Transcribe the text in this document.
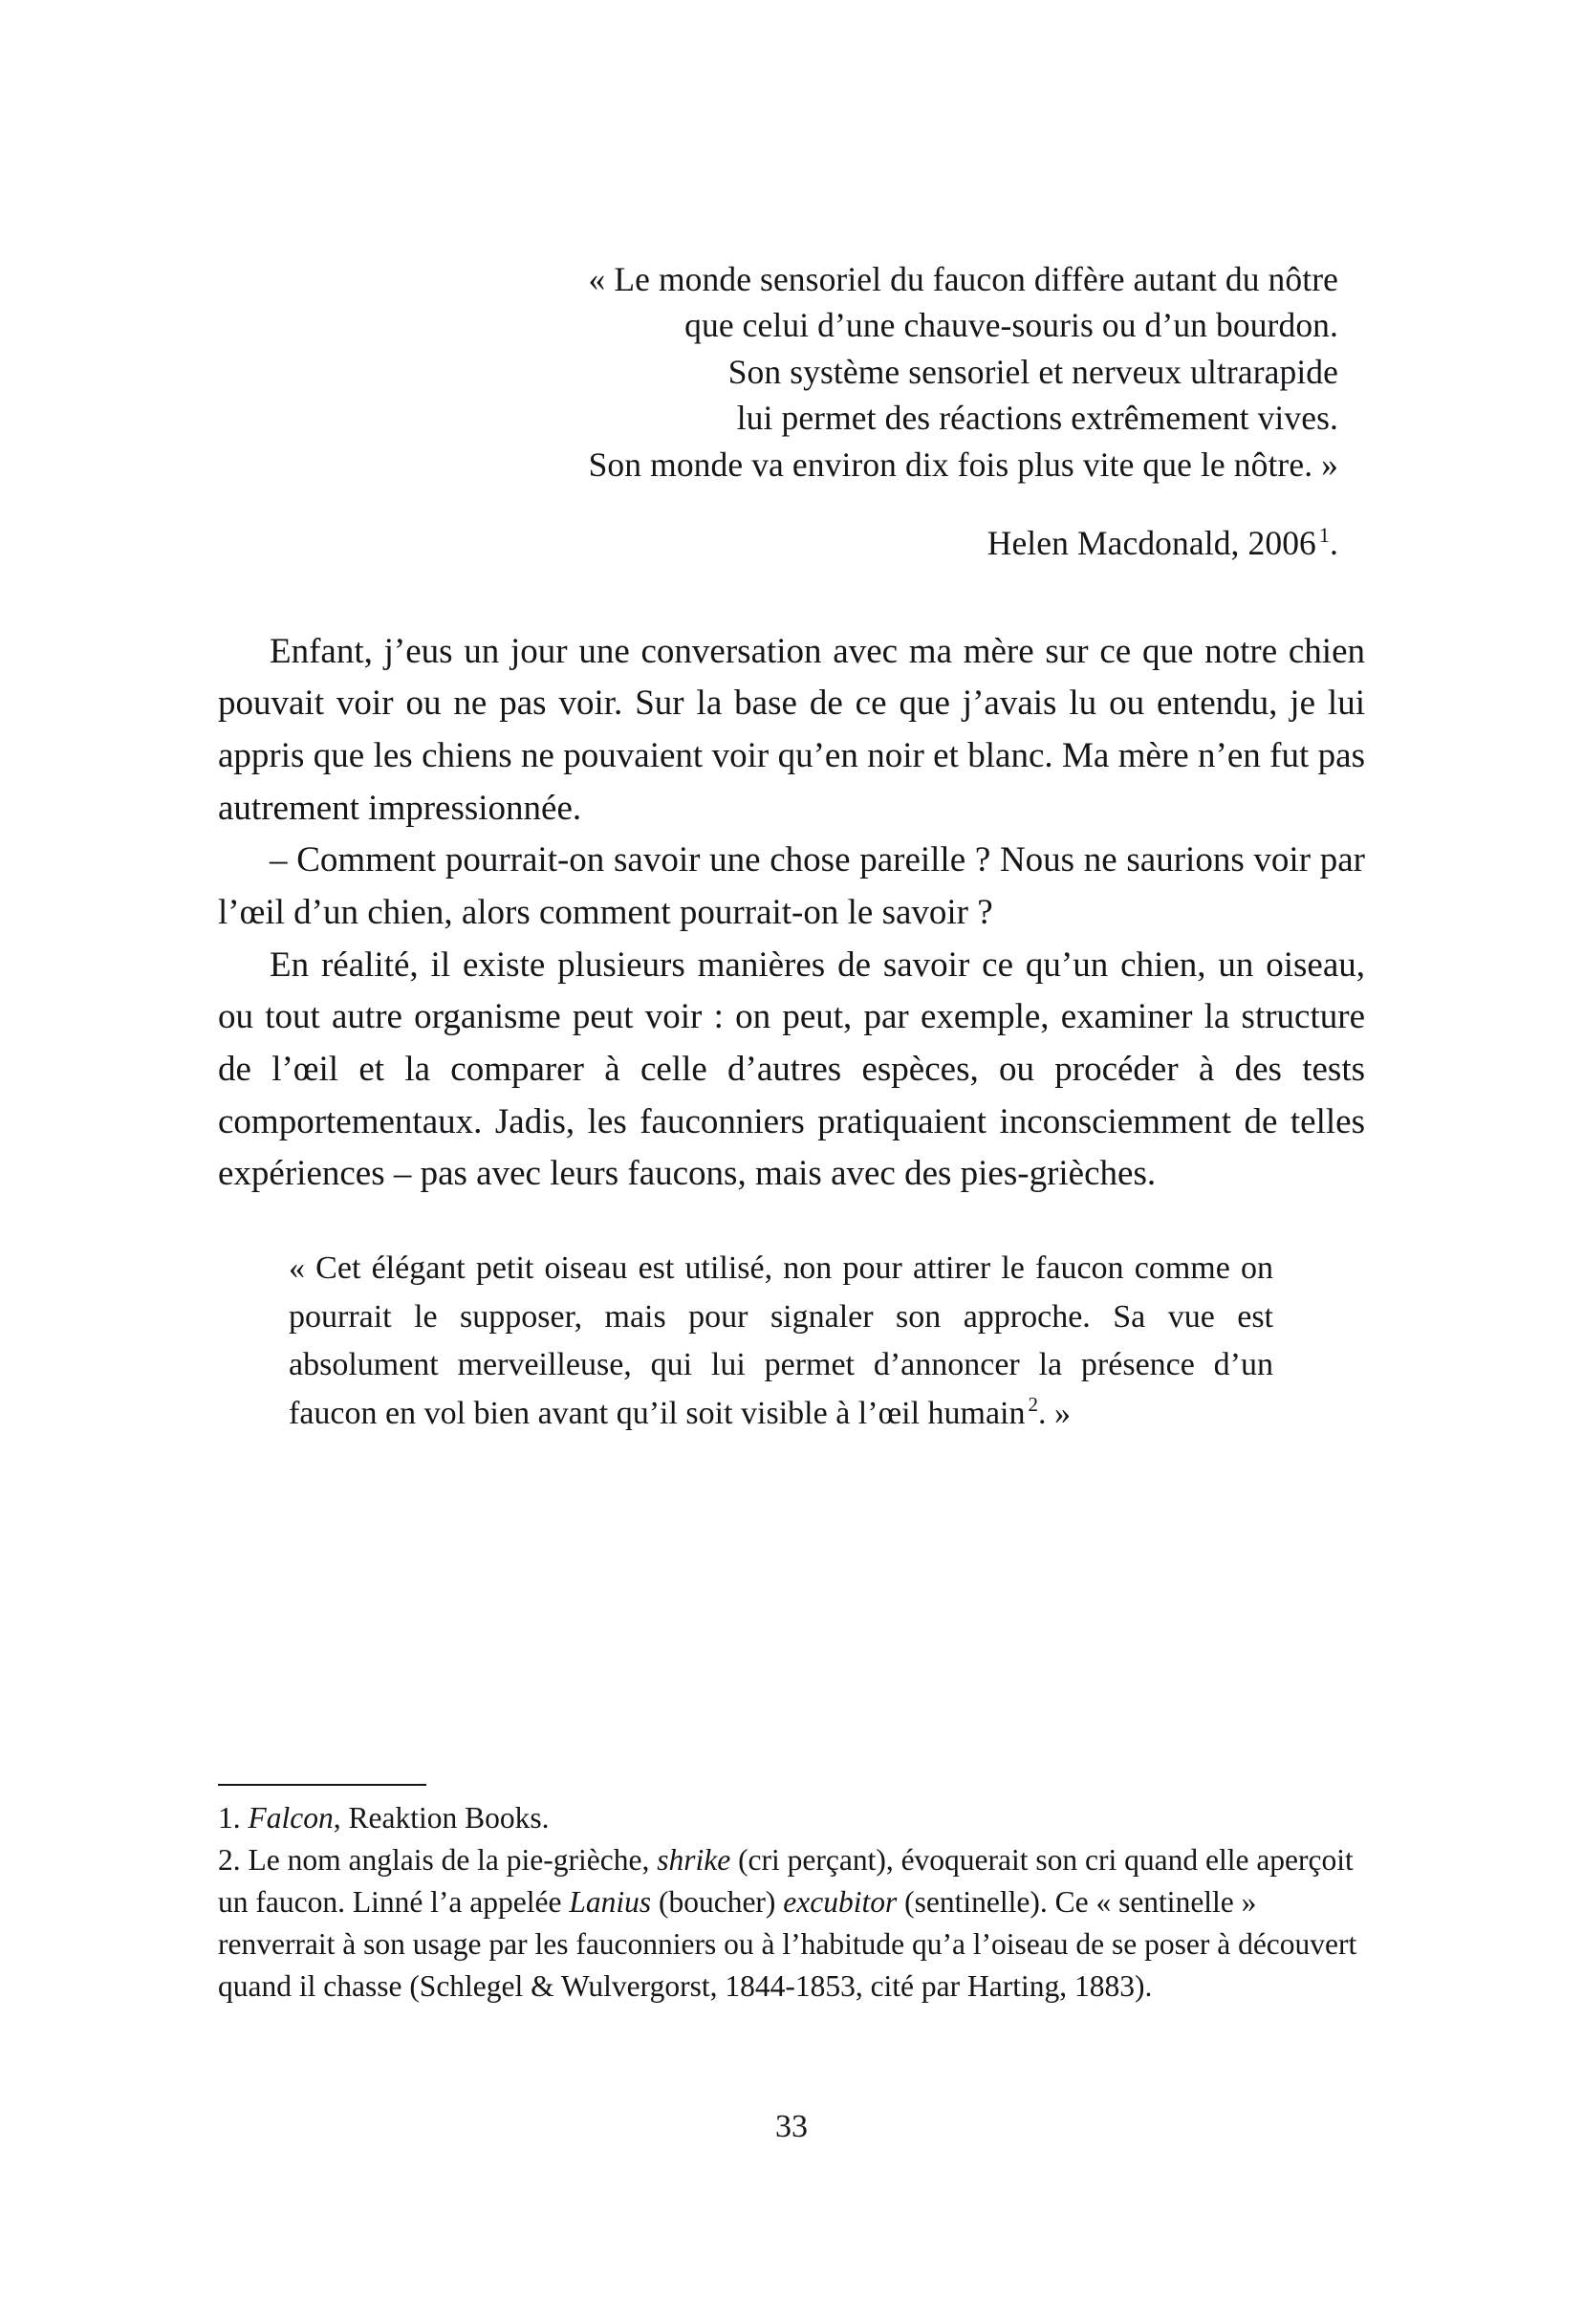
« Le monde sensoriel du faucon diffère autant du nôtre
que celui d’une chauve-souris ou d’un bourdon.
Son système sensoriel et nerveux ultrarapide
lui permet des réactions extrêmement vives.
Son monde va environ dix fois plus vite que le nôtre. »
Helen Macdonald, 2006 $^1$.

Enfant, j’eus un jour une conversation avec ma mère sur ce que notre chien pouvait voir ou ne pas voir. Sur la base de ce que j’avais lu ou entendu, je lui appris que les chiens ne pouvaient voir qu’en noir et blanc. Ma mère n’en fut pas autrement impressionnée.

– Comment pourrait-on savoir une chose pareille ? Nous ne saurions voir par l’œil d’un chien, alors comment pourrait-on le savoir ?

En réalité, il existe plusieurs manières de savoir ce qu’un chien, un oiseau, ou tout autre organisme peut voir : on peut, par exemple, examiner la structure de l’œil et la comparer à celle d’autres espèces, ou procéder à des tests comportementaux. Jadis, les fauconniers pratiquaient inconsciemment de telles expériences – pas avec leurs faucons, mais avec des pies-grièches.

« Cet élégant petit oiseau est utilisé, non pour attirer le faucon comme on pourrait le supposer, mais pour signaler son approche. Sa vue est absolument merveilleuse, qui lui permet d’annoncer la présence d’un faucon en vol bien avant qu’il soit visible à l’œil humain $^2$. »

1. Falcon, Reaktion Books.

2. Le nom anglais de la pie-grièche, shrike (cri perçant), évoquerait son cri quand elle aperçoit un faucon. Linné l’a appelée Lanius (boucher) excubitor (sentinelle). Ce « sentinelle » renverrait à son usage par les fauconniers ou à l’habitude qu’a l’oiseau de se poser à découvert quand il chasse (Schlegel & Wulvergorst, 1844-1853, cité par Harting, 1883).

33
